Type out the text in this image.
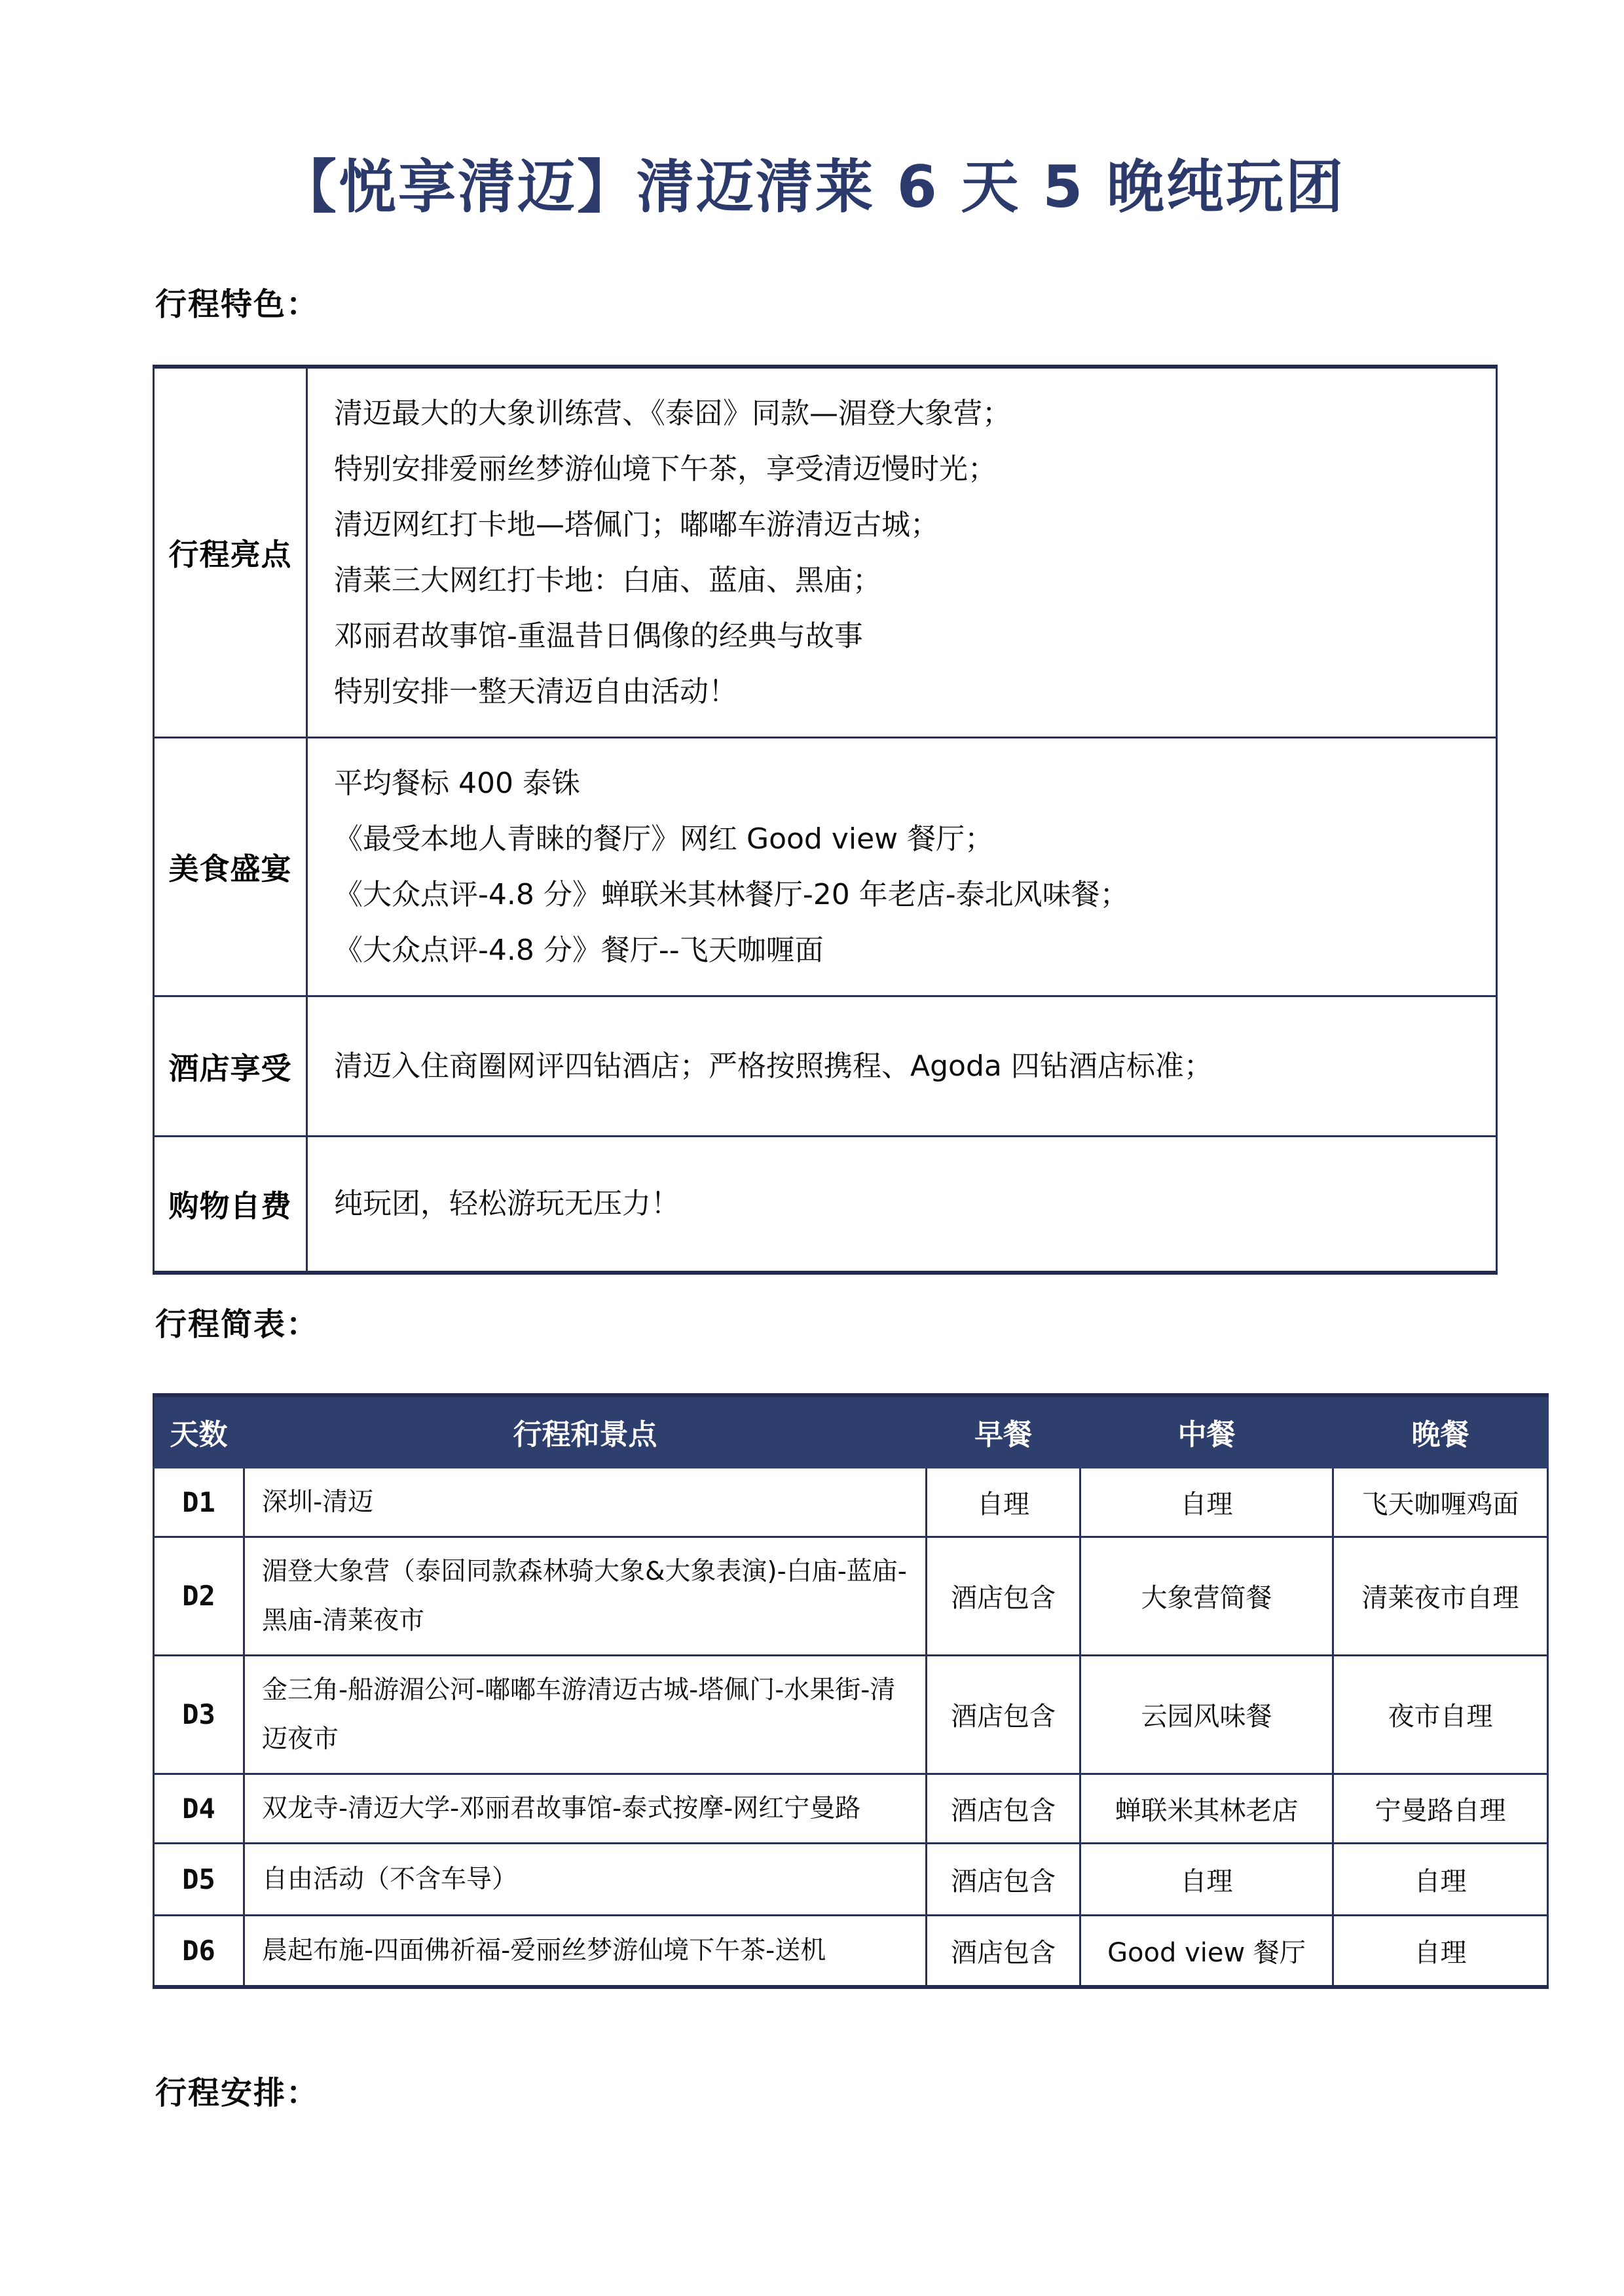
【悦享清迈】清迈清莱 6 天 5 晚纯玩团
行程特色：
行程亮点	
清迈最大的大象训练营、《泰囧》同款—湄登大象营；
特别安排爱丽丝梦游仙境下午茶，享受清迈慢时光；
清迈网红打卡地—塔佩门；嘟嘟车游清迈古城；
清莱三大网红打卡地：白庙、蓝庙、黑庙；
邓丽君故事馆-重温昔日偶像的经典与故事
特别安排一整天清迈自由活动！

美食盛宴	平均餐标 400 泰铢
《最受本地人青睐的餐厅》网红 Good view 餐厅；
《大众点评-4.8 分》蝉联米其林餐厅-20 年老店-泰北风味餐；
《大众点评-4.8 分》餐厅--飞天咖喱面

酒店享受	清迈入住商圈网评四钻酒店；严格按照携程、Agoda 四钻酒店标准；

购物自费	纯玩团，轻松游玩无压力！
行程简表：
天数	行程和景点	早餐	中餐	晚餐
D1	深圳-清迈	自理	自理	飞天咖喱鸡面
D2	湄登大象营（泰囧同款森林骑大象&大象表演)-白庙-蓝庙-黑庙-清莱夜市	酒店包含	大象营简餐	清莱夜市自理
D3	金三角-船游湄公河-嘟嘟车游清迈古城-塔佩门-水果街-清迈夜市	酒店包含	云园风味餐	夜市自理
D4	双龙寺-清迈大学-邓丽君故事馆-泰式按摩-网红宁曼路	酒店包含	蝉联米其林老店	宁曼路自理
D5	自由活动（不含车导）	酒店包含	自理	自理
D6	晨起布施-四面佛祈福-爱丽丝梦游仙境下午茶-送机	酒店包含	Good view 餐厅	自理
行程安排：
